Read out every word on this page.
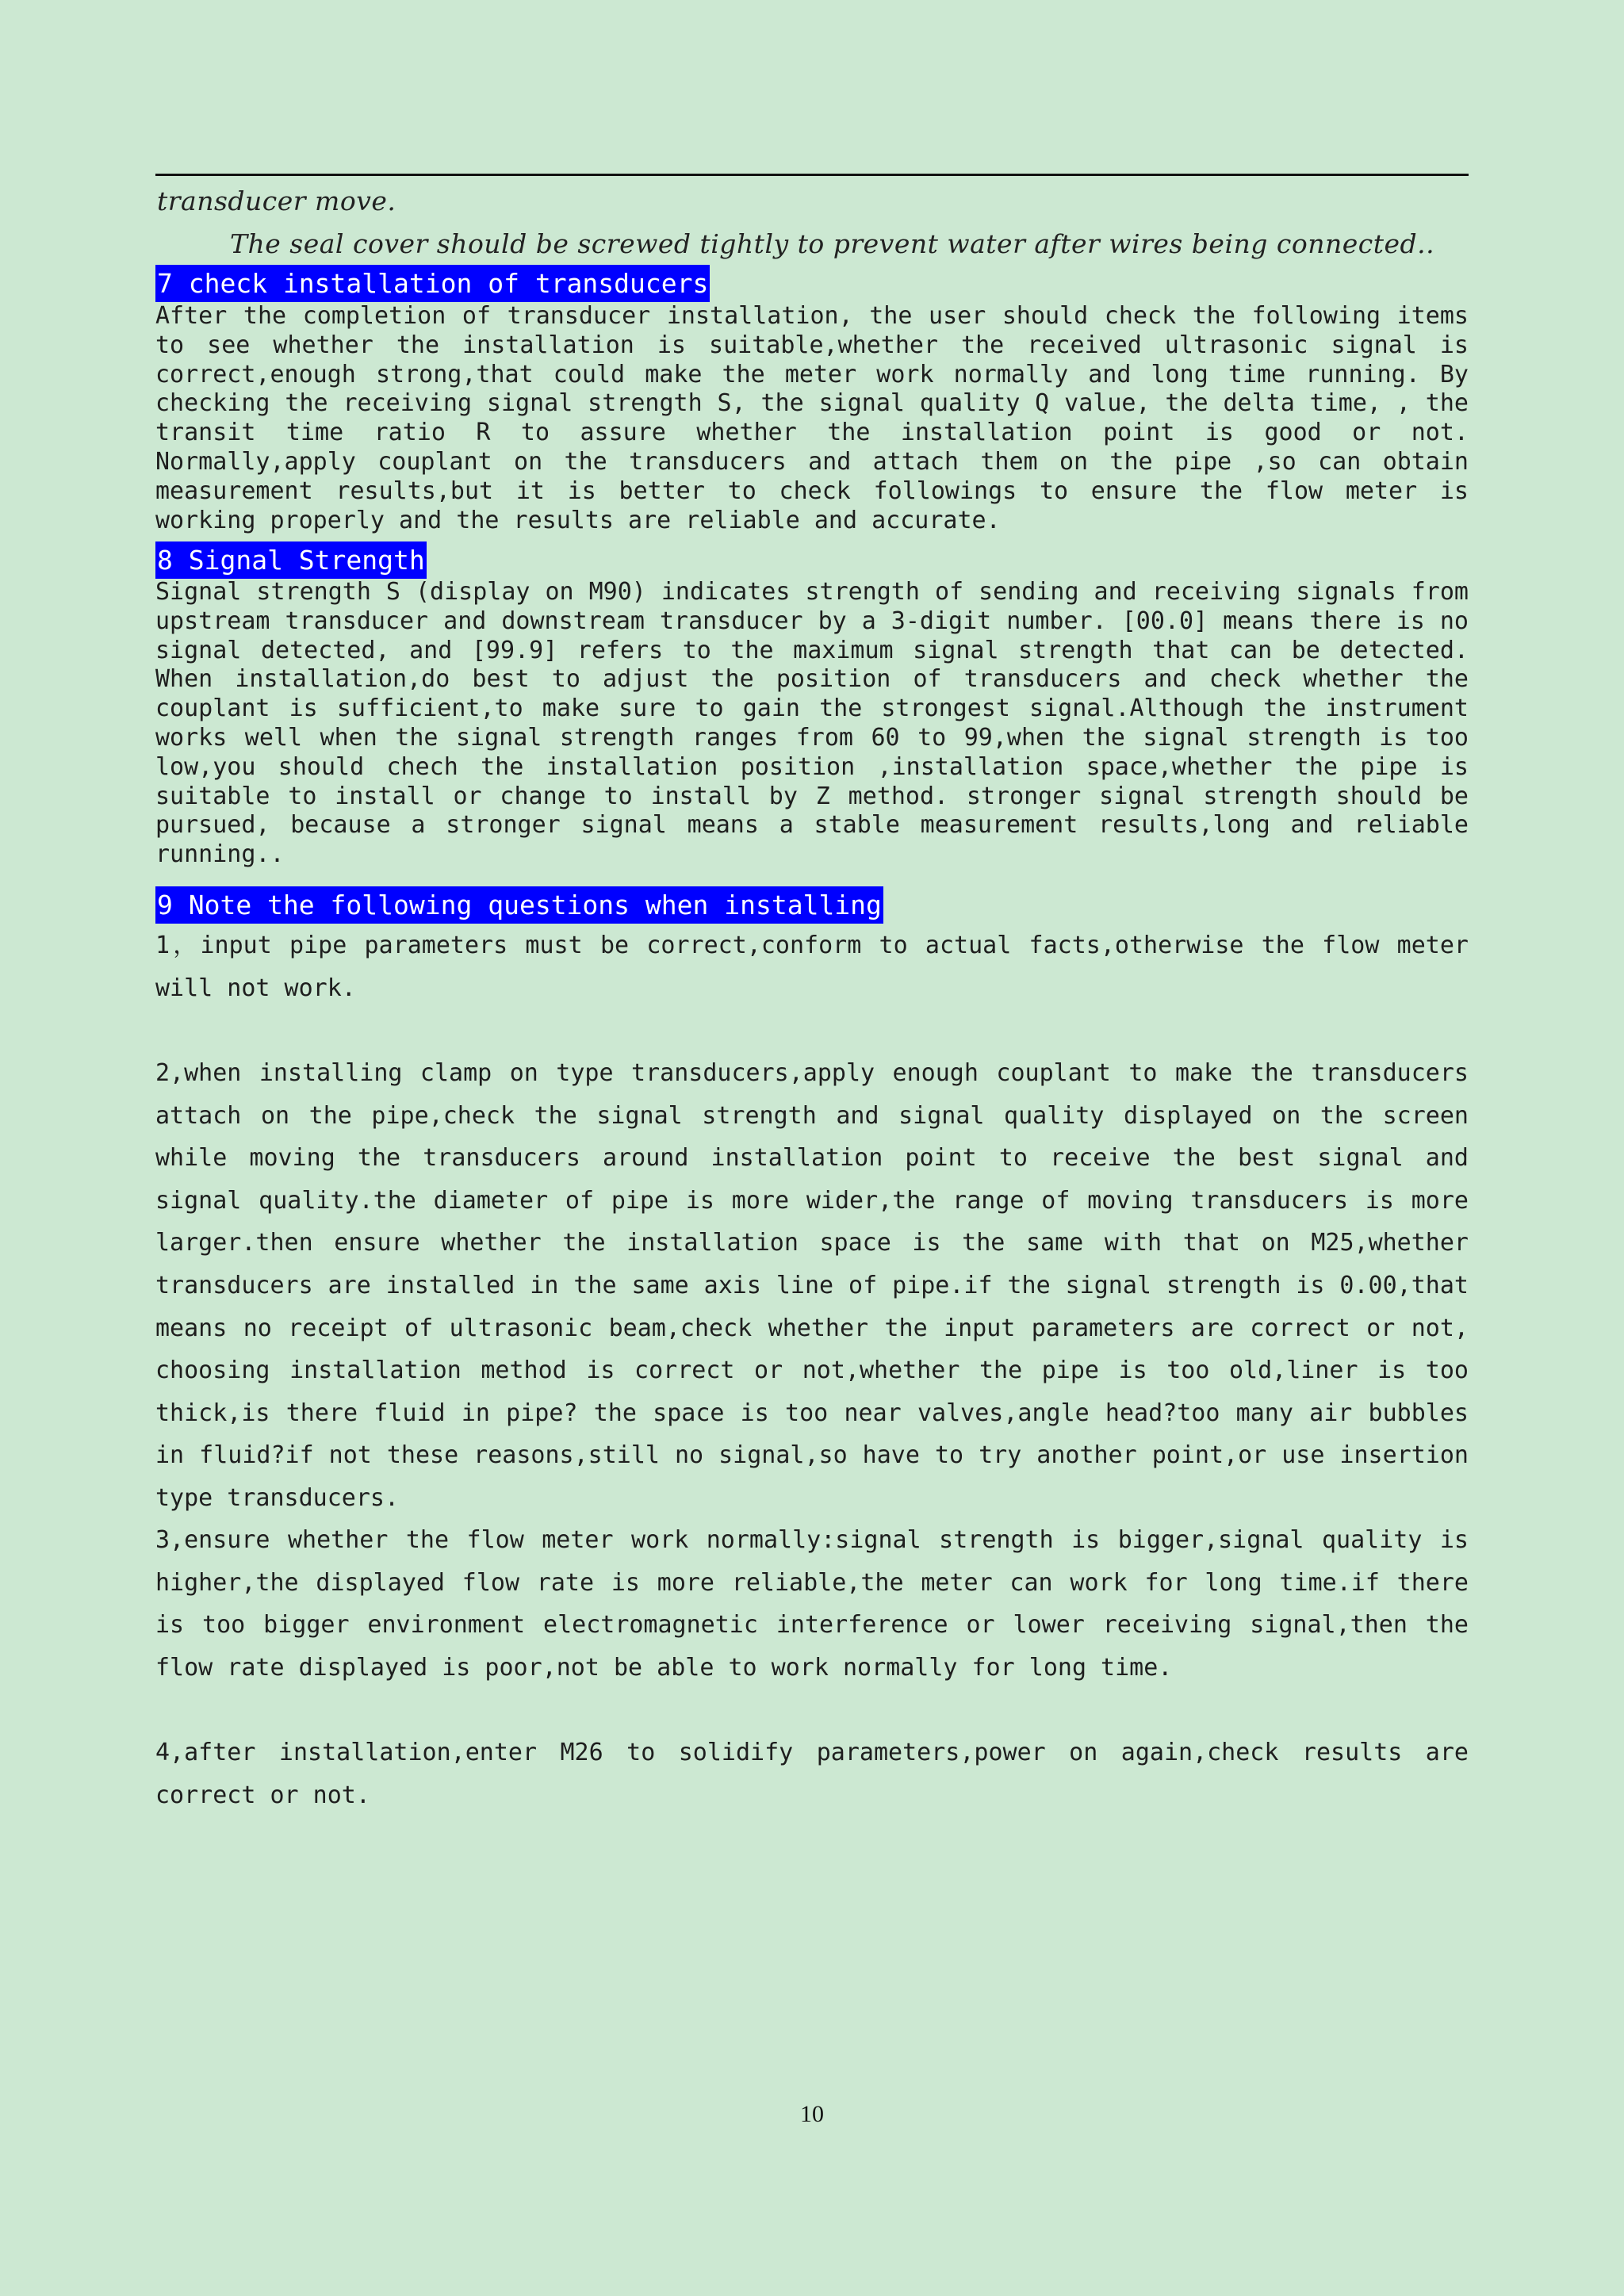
transducer move.
The seal cover should be screwed tightly to prevent water after wires being connected..
7 check installation of transducers

After the completion of transducer installation, the user should check the following items to see whether the installation is suitable,whether the received ultrasonic signal is correct,enough strong,that could make the meter work normally and long time running. By checking the receiving signal strength S, the signal quality Q value, the delta time, , the transit time ratio R to assure whether the installation point is good or not. Normally,apply couplant on the transducers and attach them on the pipe ,so can obtain measurement results,but it is better to check followings to ensure the flow meter is working properly and the results are reliable and accurate.

8 Signal Strength

Signal strength S (display on M90) indicates strength of sending and receiving signals from upstream transducer and downstream transducer by a 3-digit number. [00.0] means there is no signal detected, and [99.9] refers to the maximum signal strength that can be detected. When installation,do best to adjust the position of transducers and check whether the couplant is sufficient,to make sure to gain the strongest signal.Although the instrument works well when the signal strength ranges from 60 to 99,when the signal strength is too low,you should chech the installation position ,installation space,whether the pipe is suitable to install or change to install by Z method. stronger signal strength should be pursued, because a stronger signal means a stable measurement results,long and reliable running..

9 Note the following questions when installing

1，input pipe parameters must be correct,conform to actual facts,otherwise the flow meter will not work.

2,when installing clamp on type transducers,apply enough couplant to make the transducers attach on the pipe,check the signal strength and signal quality displayed on the screen while moving the transducers around installation point to receive the best signal and signal quality.the diameter of pipe is more wider,the range of moving transducers is more larger.then ensure whether the installation space is the same with that on M25,whether transducers are installed in the same axis line of pipe.if the signal strength is 0.00,that means no receipt of ultrasonic beam,check whether the input parameters are correct or not, choosing installation method is correct or not,whether the pipe is too old,liner is too thick,is there fluid in pipe? the space is too near valves,angle head?too many air bubbles in fluid?if not these reasons,still no signal,so have to try another point,or use insertion type transducers.

3,ensure whether the flow meter work normally:signal strength is bigger,signal quality is higher,the displayed flow rate is more reliable,the meter can work for long time.if there is too bigger environment electromagnetic interference or lower receiving signal,then the flow rate displayed is poor,not be able to work normally for long time.

4,after installation,enter M26 to solidify parameters,power on again,check results are correct or not.

10
